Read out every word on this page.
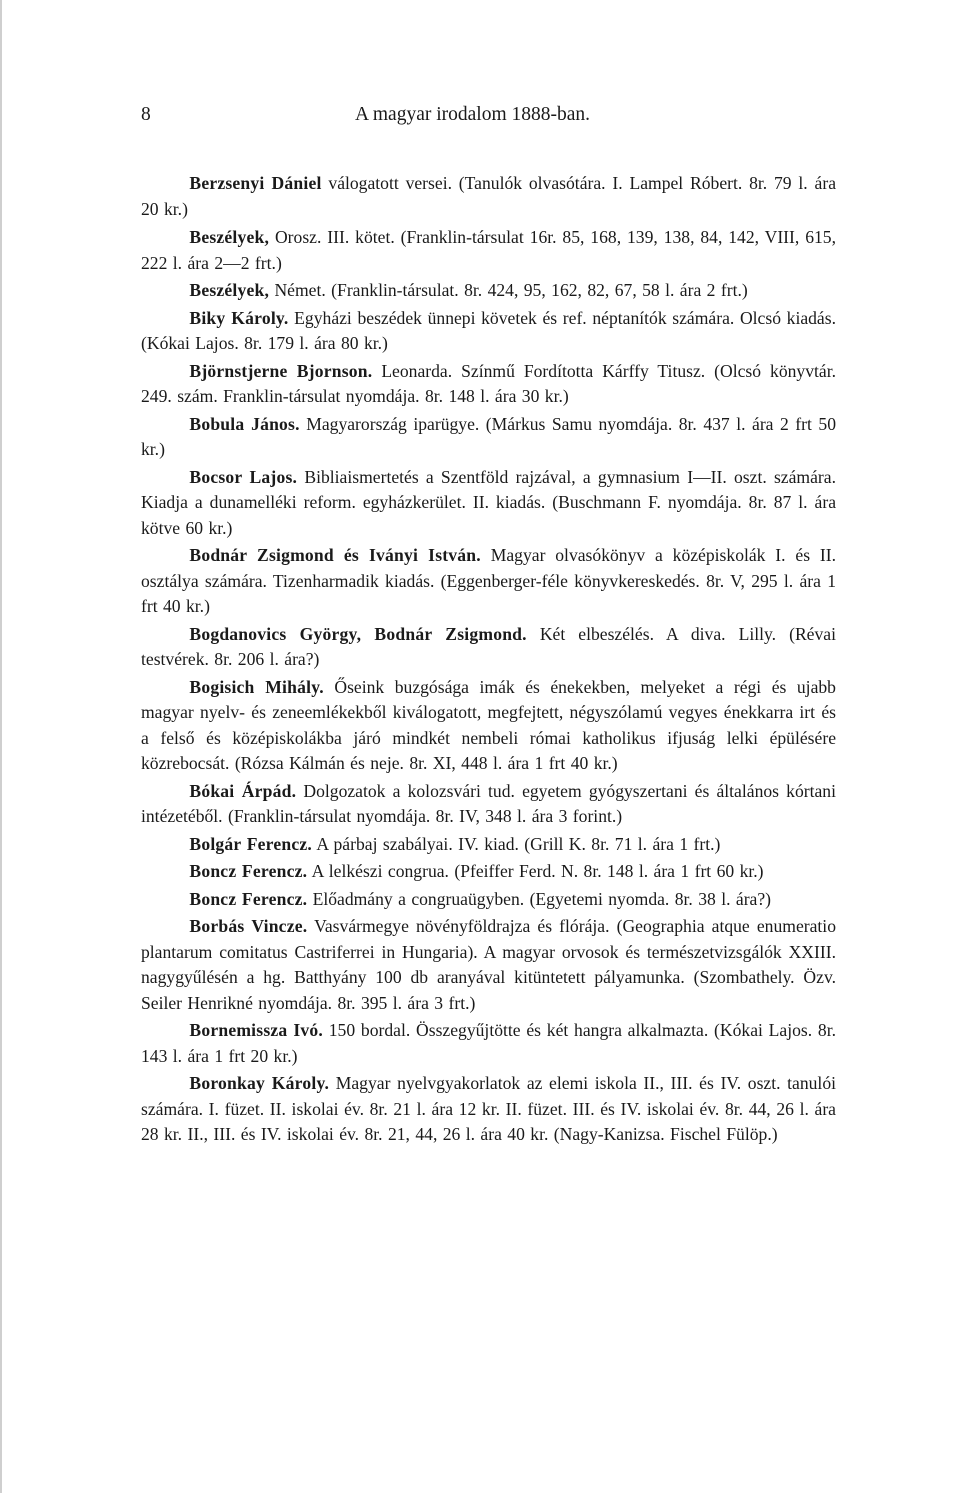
8	A magyar irodalom 1888-ban.

Berzsenyi Dániel válogatott versei. (Tanulók olvasótára. I. Lampel Róbert. 8r. 79 l. ára 20 kr.)

Beszélyek, Orosz. III. kötet. (Franklin-társulat 16r. 85, 168, 139, 138, 84, 142, VIII, 615, 222 l. ára 2—2 frt.)

Beszélyek, Német. (Franklin-társulat. 8r. 424, 95, 162, 82, 67, 58 l. ára 2 frt.)

Biky Károly. Egyházi beszédek ünnepi követek és ref. néptanítók számára. Olcsó kiadás. (Kókai Lajos. 8r. 179 l. ára 80 kr.)

Björnstjerne Bjornson. Leonarda. Színmű Fordította Kárffy Titusz. (Olcsó könyvtár. 249. szám. Franklin-társulat nyomdája. 8r. 148 l. ára 30 kr.)

Bobula János. Magyarország iparügye. (Márkus Samu nyomdája. 8r. 437 l. ára 2 frt 50 kr.)

Bocsor Lajos. Bibliaismertetés a Szentföld rajzával, a gymnasium I—II. oszt. számára. Kiadja a dunamelléki reform. egyházkerület. II. kiadás. (Buschmann F. nyomdája. 8r. 87 l. ára kötve 60 kr.)

Bodnár Zsigmond és Iványi István. Magyar olvasókönyv a középiskolák I. és II. osztálya számára. Tizenharmadik kiadás. (Eggenberger-féle könyvkereskedés. 8r. V, 295 l. ára 1 frt 40 kr.)

Bogdanovics György, Bodnár Zsigmond. Két elbeszélés. A diva. Lilly. (Révai testvérek. 8r. 206 l. ára?)

Bogisich Mihály. Őseink buzgósága imák és énekekben, melyeket a régi és ujabb magyar nyelv- és zeneemlékekből kiválogatott, megfejtett, négyszólamú vegyes énekkarra irt és a felső és középiskolákba járó mindkét nembeli római katholikus ifjuság lelki épülésére közrebocsát. (Rózsa Kálmán és neje. 8r. XI, 448 l. ára 1 frt 40 kr.)

Bókai Árpád. Dolgozatok a kolozsvári tud. egyetem gyógyszertani és általános kórtani intézetéből. (Franklin-társulat nyomdája. 8r. IV, 348 l. ára 3 forint.)

Bolgár Ferencz. A párbaj szabályai. IV. kiad. (Grill K. 8r. 71 l. ára 1 frt.)

Boncz Ferencz. A lelkészi congrua. (Pfeiffer Ferd. N. 8r. 148 l. ára 1 frt 60 kr.)

Boncz Ferencz. Előadmány a congruaügyben. (Egyetemi nyomda. 8r. 38 l. ára?)

Borbás Vincze. Vasvármegye növényföldrajza és flórája. (Geographia atque enumeratio plantarum comitatus Castriferrei in Hungaria). A magyar orvosok és természetvizsgálók XXIII. nagygyűlésén a hg. Batthyány 100 db aranyával kitüntetett pályamunka. (Szombathely. Özv. Seiler Henrikné nyomdája. 8r. 395 l. ára 3 frt.)

Bornemissza Ivó. 150 bordal. Összegyűjtötte és két hangra alkalmazta. (Kókai Lajos. 8r. 143 l. ára 1 frt 20 kr.)

Boronkay Károly. Magyar nyelvgyakorlatok az elemi iskola II., III. és IV. oszt. tanulói számára. I. füzet. II. iskolai év. 8r. 21 l. ára 12 kr. II. füzet. III. és IV. iskolai év. 8r. 44, 26 l. ára 28 kr. II., III. és IV. iskolai év. 8r. 21, 44, 26 l. ára 40 kr. (Nagy-Kanizsa. Fischel Fülöp.)
